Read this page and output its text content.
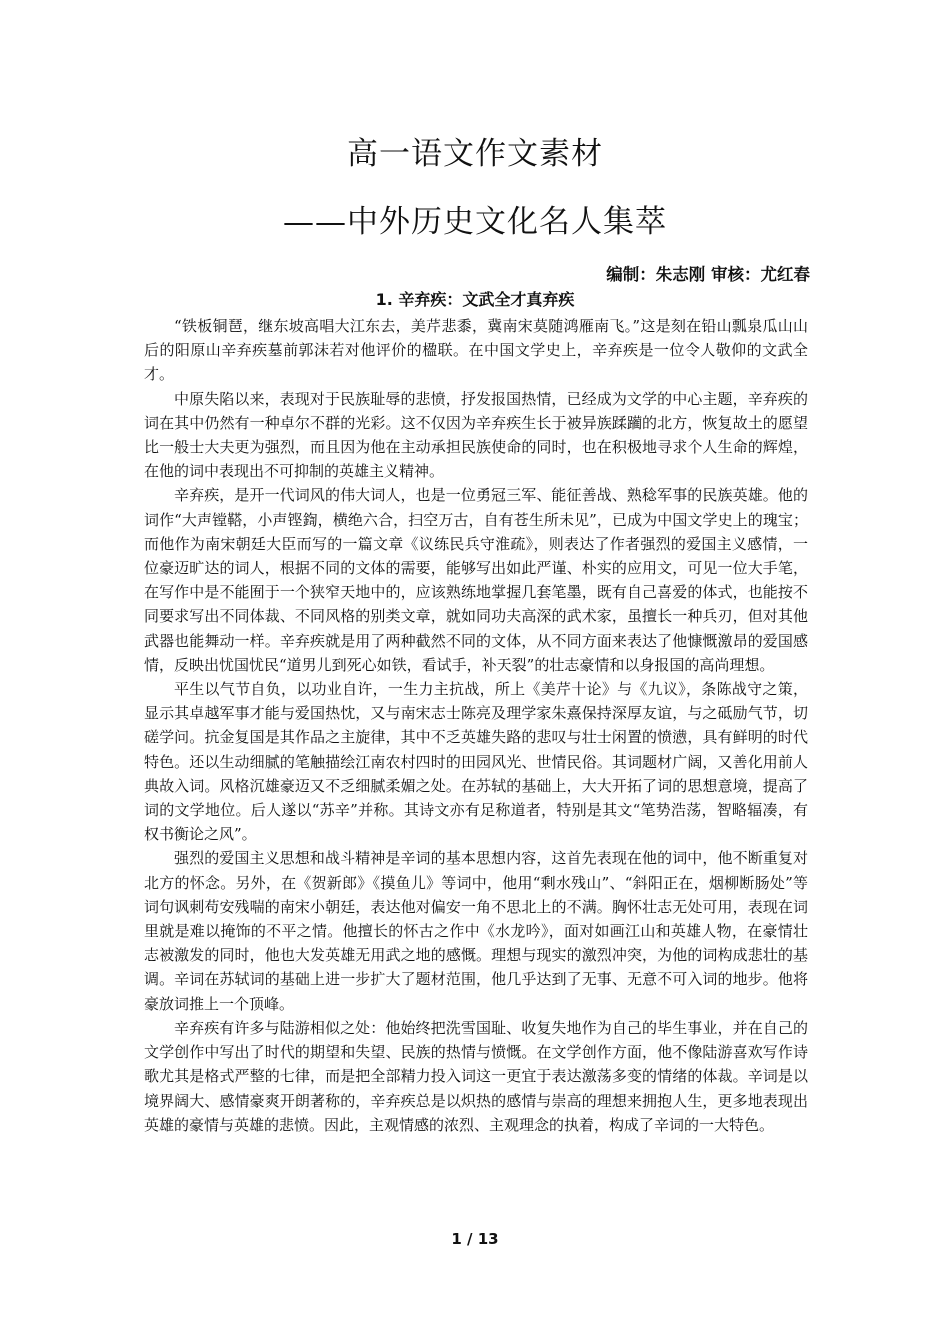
高一语文作文素材
——中外历史文化名人集萃

编制：朱志刚 审核：尤红春

1. 辛弃疾：文武全才真弃疾

“铁板铜琶，继东坡高唱大江东去，美芹悲黍，冀南宋莫随鸿雁南飞。”这是刻在铅山瓢泉瓜山山后的阳原山辛弃疾墓前郭沫若对他评价的楹联。在中国文学史上，辛弃疾是一位令人敬仰的文武全才。

中原失陷以来，表现对于民族耻辱的悲愤，抒发报国热情，已经成为文学的中心主题，辛弃疾的词在其中仍然有一种卓尔不群的光彩。这不仅因为辛弃疾生长于被异族蹂躏的北方，恢复故土的愿望比一般士大夫更为强烈，而且因为他在主动承担民族使命的同时，也在积极地寻求个人生命的辉煌，在他的词中表现出不可抑制的英雄主义精神。

辛弃疾，是开一代词风的伟大词人，也是一位勇冠三军、能征善战、熟稔军事的民族英雄。他的词作“大声镗鞳，小声铿鍧，横绝六合，扫空万古，自有苍生所未见”，已成为中国文学史上的瑰宝；而他作为南宋朝廷大臣而写的一篇文章《议练民兵守淮疏》，则表达了作者强烈的爱国主义感情，一位豪迈旷达的词人，根据不同的文体的需要，能够写出如此严谨、朴实的应用文，可见一位大手笔，在写作中是不能囿于一个狭窄天地中的，应该熟练地掌握几套笔墨，既有自己喜爱的体式，也能按不同要求写出不同体裁、不同风格的别类文章，就如同功夫高深的武术家，虽擅长一种兵刃，但对其他武器也能舞动一样。辛弃疾就是用了两种截然不同的文体，从不同方面来表达了他慷慨激昂的爱国感情，反映出忧国忧民“道男儿到死心如铁，看试手，补天裂”的壮志豪情和以身报国的高尚理想。

平生以气节自负，以功业自许，一生力主抗战，所上《美芹十论》与《九议》，条陈战守之策，显示其卓越军事才能与爱国热忱，又与南宋志士陈亮及理学家朱熹保持深厚友谊，与之砥励气节，切磋学问。抗金复国是其作品之主旋律，其中不乏英雄失路的悲叹与壮士闲置的愤懑，具有鲜明的时代特色。还以生动细腻的笔触描绘江南农村四时的田园风光、世情民俗。其词题材广阔，又善化用前人典故入词。风格沉雄豪迈又不乏细腻柔媚之处。在苏轼的基础上，大大开拓了词的思想意境，提高了词的文学地位。后人遂以“苏辛”并称。其诗文亦有足称道者，特别是其文“笔势浩荡，智略辐凑，有权书衡论之风”。

强烈的爱国主义思想和战斗精神是辛词的基本思想内容，这首先表现在他的词中，他不断重复对北方的怀念。另外，在《贺新郎》《摸鱼儿》等词中，他用“剩水残山”、“斜阳正在，烟柳断肠处”等词句讽刺苟安残喘的南宋小朝廷，表达他对偏安一角不思北上的不满。胸怀壮志无处可用，表现在词里就是难以掩饰的不平之情。他擅长的怀古之作中《水龙吟》，面对如画江山和英雄人物，在豪情壮志被激发的同时，他也大发英雄无用武之地的感慨。理想与现实的激烈冲突，为他的词构成悲壮的基调。辛词在苏轼词的基础上进一步扩大了题材范围，他几乎达到了无事、无意不可入词的地步。他将豪放词推上一个顶峰。

辛弃疾有许多与陆游相似之处：他始终把洗雪国耻、收复失地作为自己的毕生事业，并在自己的文学创作中写出了时代的期望和失望、民族的热情与愤慨。在文学创作方面，他不像陆游喜欢写作诗歌尤其是格式严整的七律，而是把全部精力投入词这一更宜于表达激荡多变的情绪的体裁。辛词是以境界阔大、感情豪爽开朗著称的，辛弃疾总是以炽热的感情与崇高的理想来拥抱人生，更多地表现出英雄的豪情与英雄的悲愤。因此，主观情感的浓烈、主观理念的执着，构成了辛词的一大特色。

1 / 13
